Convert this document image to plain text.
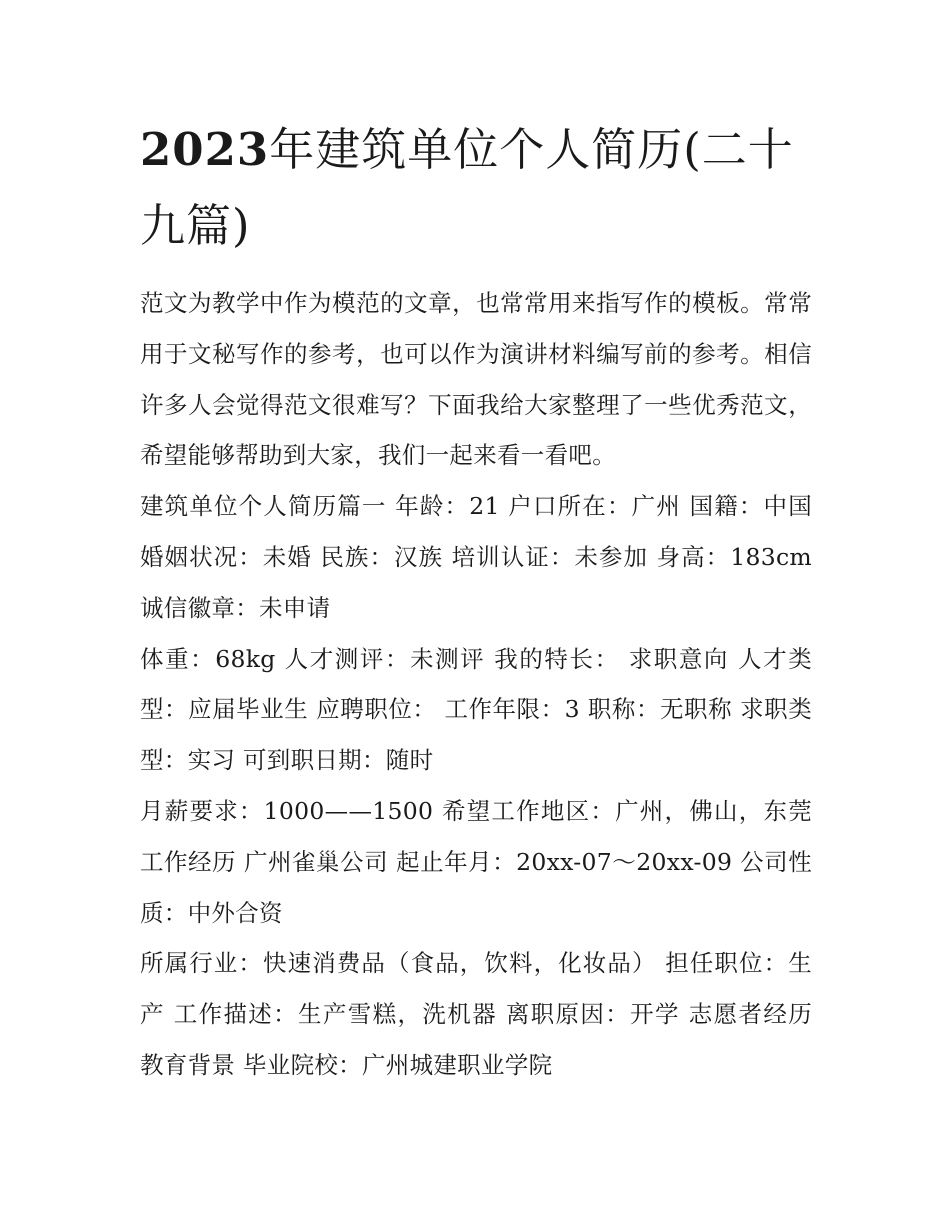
2023年建筑单位个人简历(二十九篇)

范文为教学中作为模范的文章，也常常用来指写作的模板。常常用于文秘写作的参考，也可以作为演讲材料编写前的参考。相信许多人会觉得范文很难写？下面我给大家整理了一些优秀范文，希望能够帮助到大家，我们一起来看一看吧。

建筑单位个人简历篇一 年龄：21 户口所在：广州 国籍：中国 婚姻状况：未婚 民族：汉族 培训认证：未参加 身高：183cm 诚信徽章：未申请

体重：68kg 人才测评：未测评 我的特长： 求职意向 人才类型：应届毕业生 应聘职位： 工作年限：3 职称：无职称 求职类型：实习 可到职日期：随时

月薪要求：1000——1500 希望工作地区：广州，佛山，东莞 工作经历 广州雀巢公司 起止年月：20xx-07～20xx-09 公司性质：中外合资

所属行业：快速消费品（食品，饮料，化妆品） 担任职位：生产 工作描述：生产雪糕，洗机器 离职原因：开学 志愿者经历 教育背景 毕业院校：广州城建职业学院
